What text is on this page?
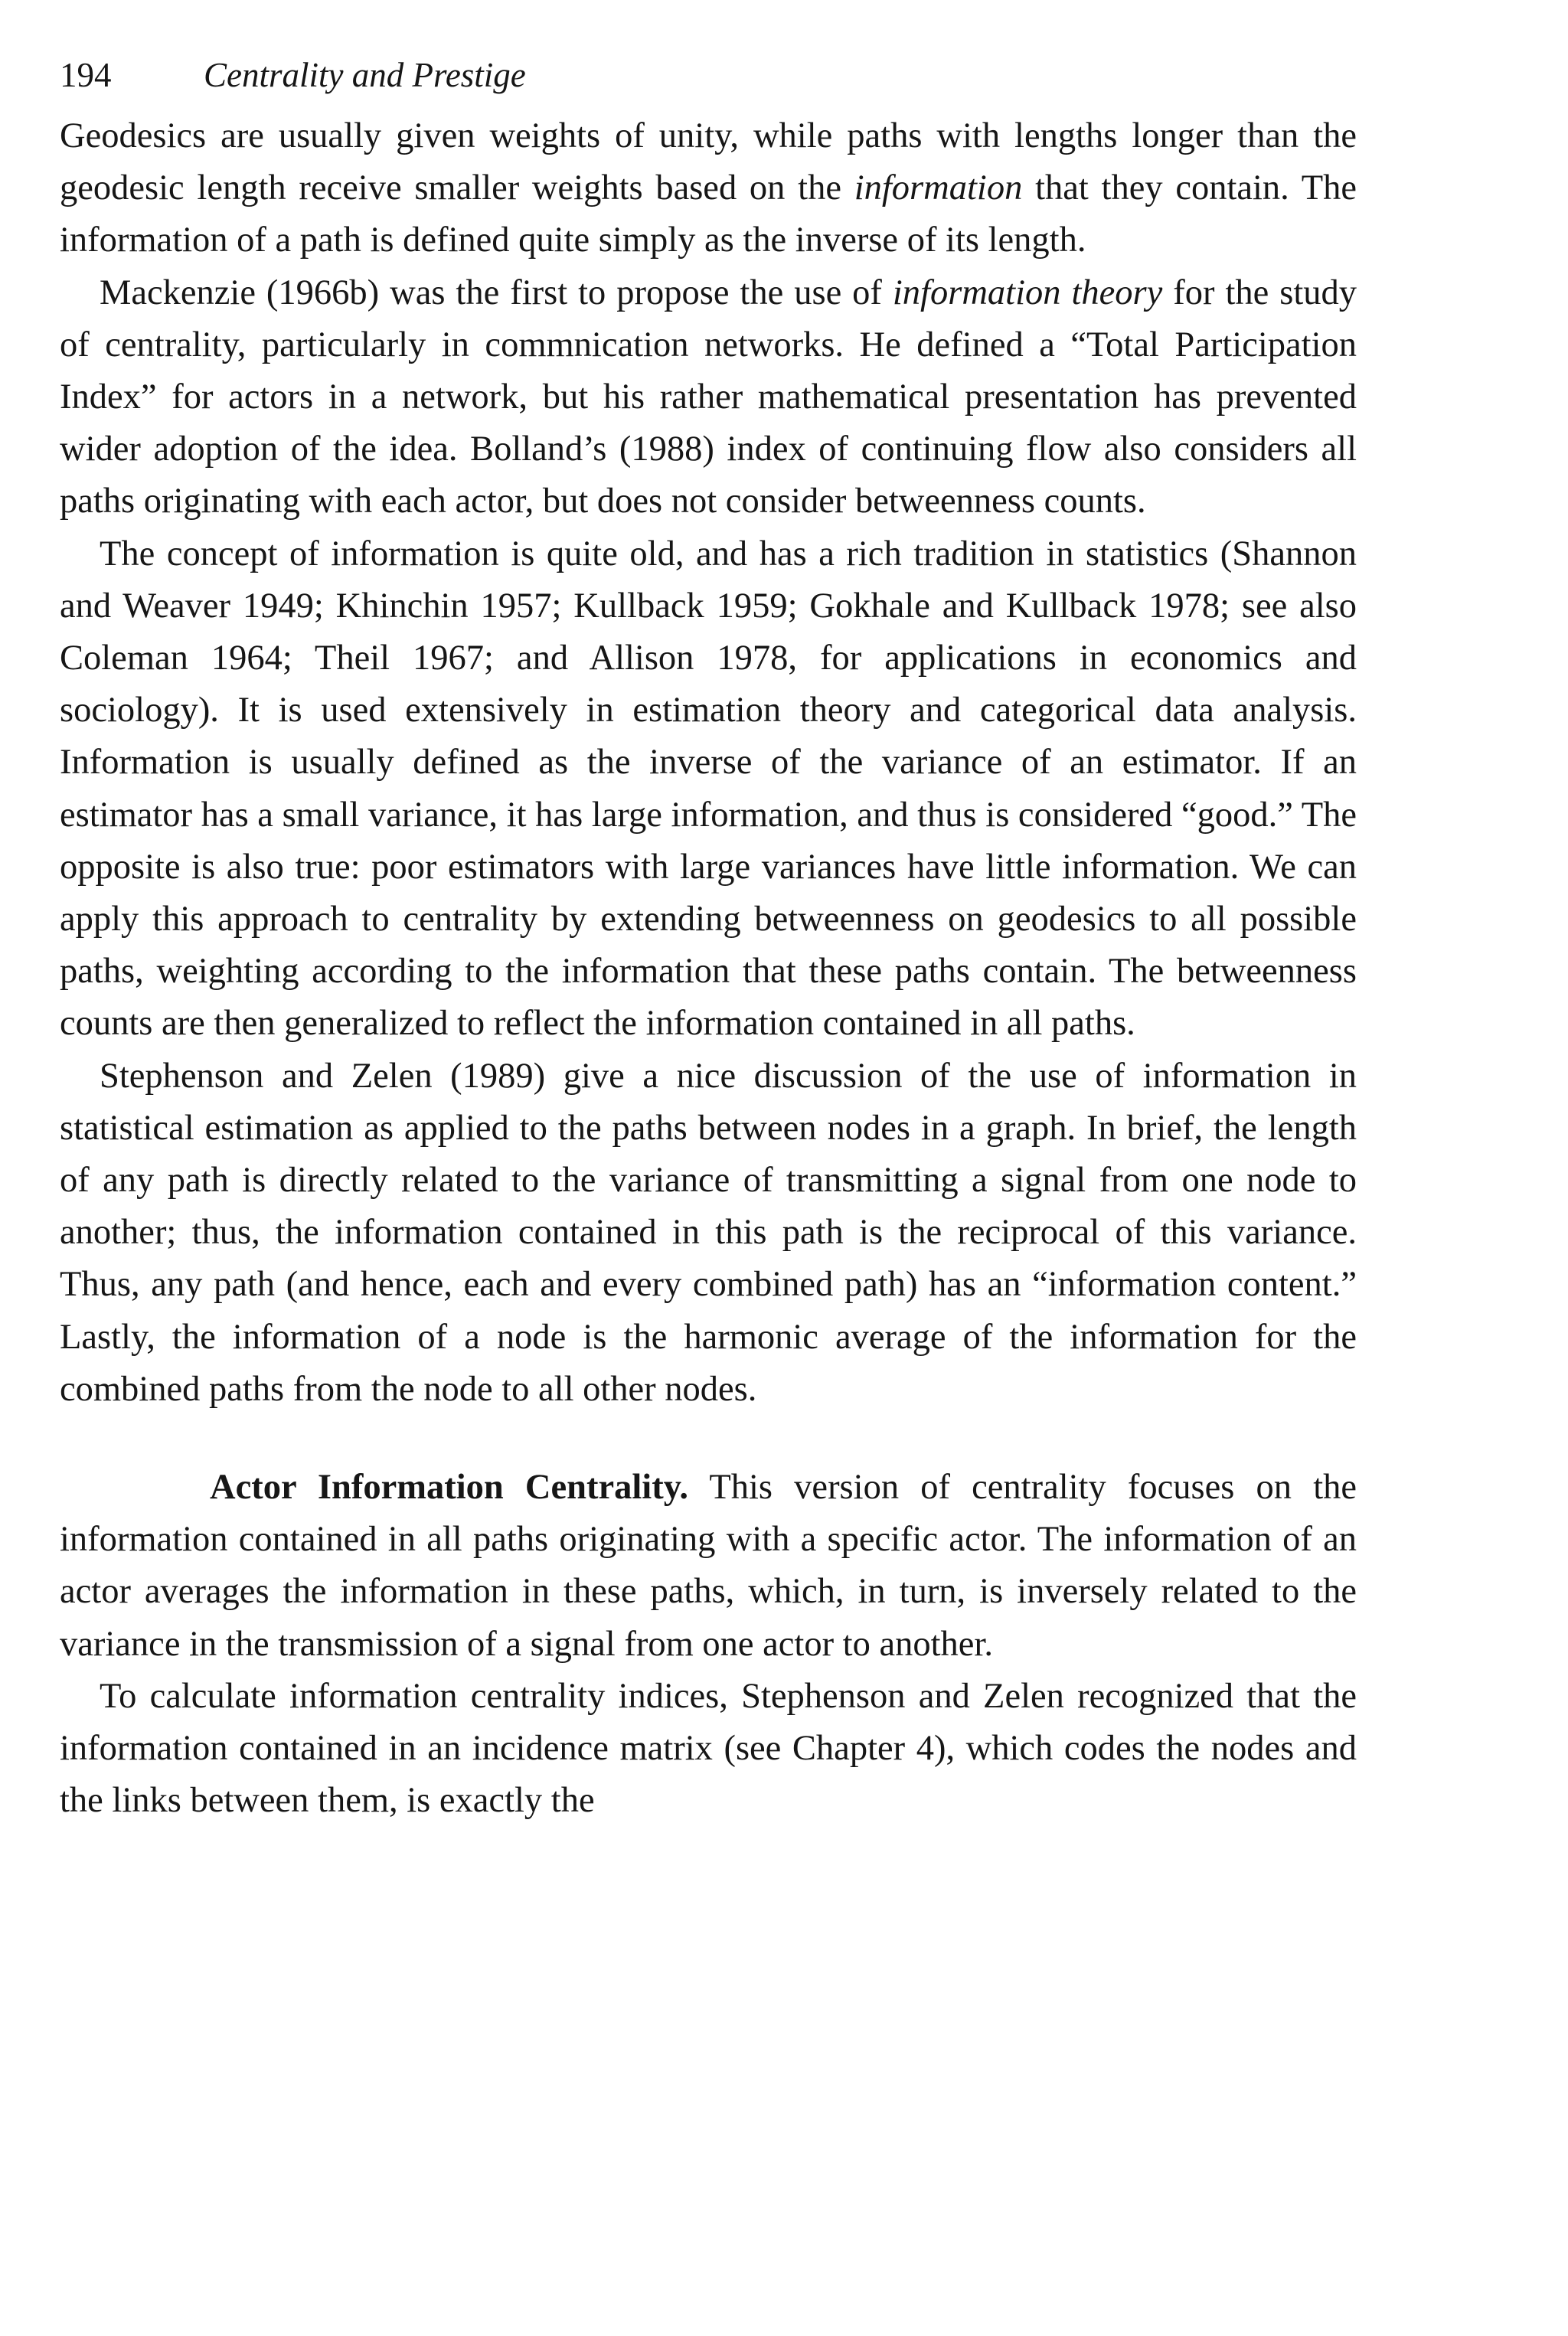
194	Centrality and Prestige

Geodesics are usually given weights of unity, while paths with lengths longer than the geodesic length receive smaller weights based on the information that they contain. The information of a path is defined quite simply as the inverse of its length.

Mackenzie (1966b) was the first to propose the use of information theory for the study of centrality, particularly in commnication networks. He defined a “Total Participation Index” for actors in a network, but his rather mathematical presentation has prevented wider adoption of the idea. Bolland’s (1988) index of continuing flow also considers all paths originating with each actor, but does not consider betweenness counts.

The concept of information is quite old, and has a rich tradition in statistics (Shannon and Weaver 1949; Khinchin 1957; Kullback 1959; Gokhale and Kullback 1978; see also Coleman 1964; Theil 1967; and Allison 1978, for applications in economics and sociology). It is used extensively in estimation theory and categorical data analysis. Information is usually defined as the inverse of the variance of an estimator. If an estimator has a small variance, it has large information, and thus is considered “good.” The opposite is also true: poor estimators with large variances have little information. We can apply this approach to centrality by extending betweenness on geodesics to all possible paths, weighting according to the information that these paths contain. The betweenness counts are then generalized to reflect the information contained in all paths.

Stephenson and Zelen (1989) give a nice discussion of the use of information in statistical estimation as applied to the paths between nodes in a graph. In brief, the length of any path is directly related to the variance of transmitting a signal from one node to another; thus, the information contained in this path is the reciprocal of this variance. Thus, any path (and hence, each and every combined path) has an “information content.” Lastly, the information of a node is the harmonic average of the information for the combined paths from the node to all other nodes.

Actor Information Centrality. This version of centrality focuses on the information contained in all paths originating with a specific actor. The information of an actor averages the information in these paths, which, in turn, is inversely related to the variance in the transmission of a signal from one actor to another.

To calculate information centrality indices, Stephenson and Zelen recognized that the information contained in an incidence matrix (see Chapter 4), which codes the nodes and the links between them, is exactly the
